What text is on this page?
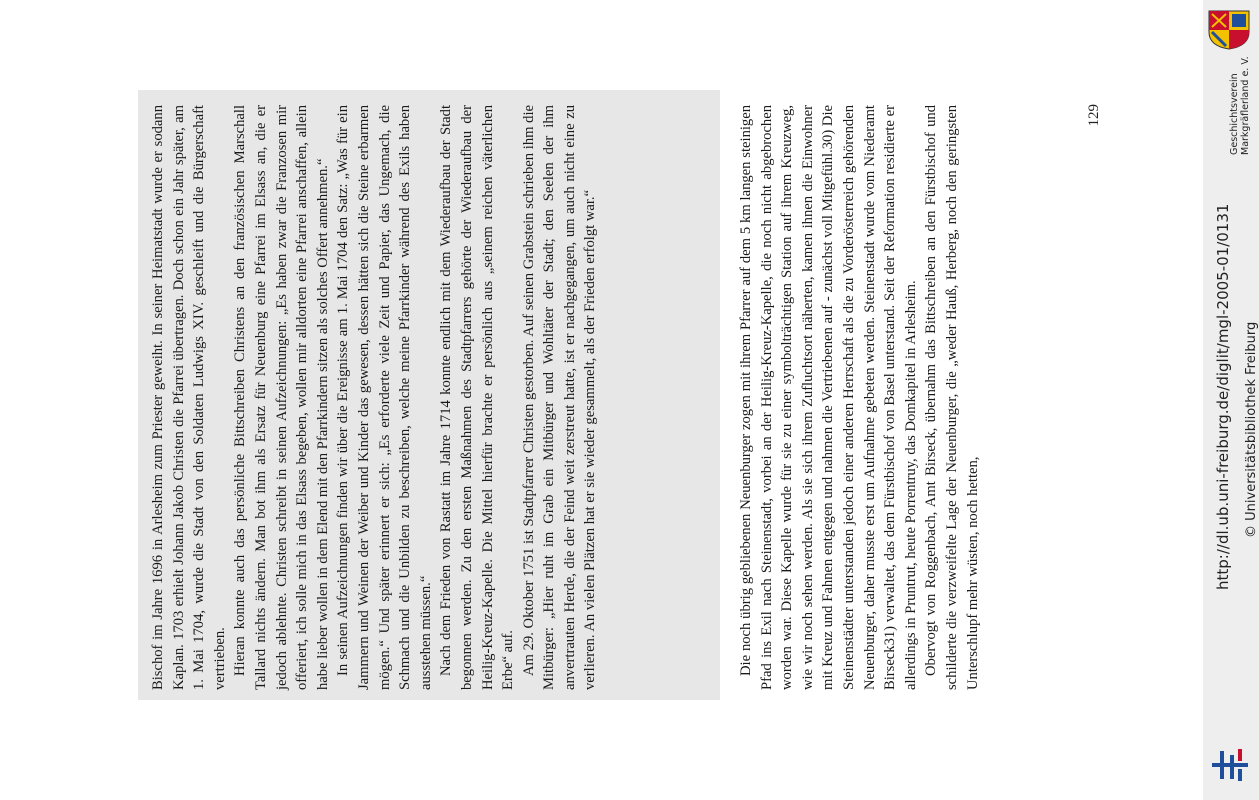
Bischof im Jahre 1696 in Arlesheim zum Priester geweiht. In seiner Heimatstadt wurde er sodann Kaplan. 1703 erhielt Johann Jakob Christen die Pfarrei übertragen. Doch schon ein Jahr später, am 1. Mai 1704, wurde die Stadt von den Soldaten Ludwigs XIV. geschleift und die Bürgerschaft vertrieben. Hieran konnte auch das persönliche Bittschreiben Christens an den französischen Marschall Tallard nichts ändern. Man bot ihm als Ersatz für Neuenburg eine Pfarrei im Elsass an, die er jedoch ablehnte. Christen schreibt in seinen Aufzeichnungen: „Es haben zwar die Franzosen mir offeriert, ich solle mich in das Elsass begeben, wollen mir alldorten eine Pfarrei anschaffen, allein habe lieber wollen in dem Elend mit den Pfarrkindern sitzen als solches Offert annehmen.“ In seinen Aufzeichnungen finden wir über die Ereignisse am 1. Mai 1704 den Satz: „Was für ein Jammern und Weinen der Weiber und Kinder das gewesen, dessen hätten sich die Steine erbarmen mögen.“ Und später erinnert er sich: „Es erforderte viele Zeit und Papier, das Ungemach, die Schmach und die Unbilden zu beschreiben, welche meine Pfarrkinder während des Exils haben ausstehen müssen.“ Nach dem Frieden von Rastatt im Jahre 1714 konnte endlich mit dem Wiederaufbau der Stadt begonnen werden. Zu den ersten Maßnahmen des Stadtpfarrers gehörte der Wiederaufbau der Heilig-Kreuz-Kapelle. Die Mittel hierfür brachte er persönlich aus „seinem reichen väterlichen Erbe“ auf. Am 29. Oktober 1751 ist Stadtpfarrer Christen gestorben. Auf seinen Grabstein schrieben ihm die Mitbürger: „Hier ruht im Grab ein Mitbürger und Wohltäter der Stadt; den Seelen der ihm anvertrauten Herde, die der Feind weit zerstreut hatte, ist er nachgegangen, um auch nicht eine zu verlieren. An vielen Plätzen hat er sie wieder gesammelt, als der Frieden erfolgt war.“	Die noch übrig gebliebenen Neuenburger zogen mit ihrem Pfarrer auf dem 5 km langen steinigen Pfad ins Exil nach Steinenstadt, vorbei an der Heilig-Kreuz-Kapelle, die noch nicht abgebrochen worden war. Diese Kapelle wurde für sie zu einer symbolträchtigen Station auf ihrem Kreuzweg, wie wir noch sehen werden. Als sie sich ihrem Zufluchtsort näherten, kamen ihnen die Einwohner mit Kreuz und Fahnen entgegen und nahmen die Vertriebenen auf - zunächst voll Mitgefühl.30) Die Steinenstädter unterstanden jedoch einer anderen Herrschaft als die zu Vorderösterreich gehörenden Neuenburger, daher musste erst um Aufnahme gebeten werden. Steinenstadt wurde vom Niederamt Birseck31) verwaltet, das dem Fürstbischof von Basel unterstand. Seit der Reformation residierte er allerdings in Pruntrut, heute Porrentruy, das Domkapitel in Arlesheim. Obervogt von Roggenbach, Amt Birseck, übernahm das Bittschreiben an den Fürstbischof und schilderte die verzweifelte Lage der Neuenburger, die „weder Hauß, Herberg, noch den geringsten Unterschlupf mehr wüsten, noch hetten,

129
http://dl.ub.uni-freiburg.de/diglit/mgl-2005-01/0131 © Universitätsbibliothek Freiburg
Geschichtsverein Markgräflerland e. V.
